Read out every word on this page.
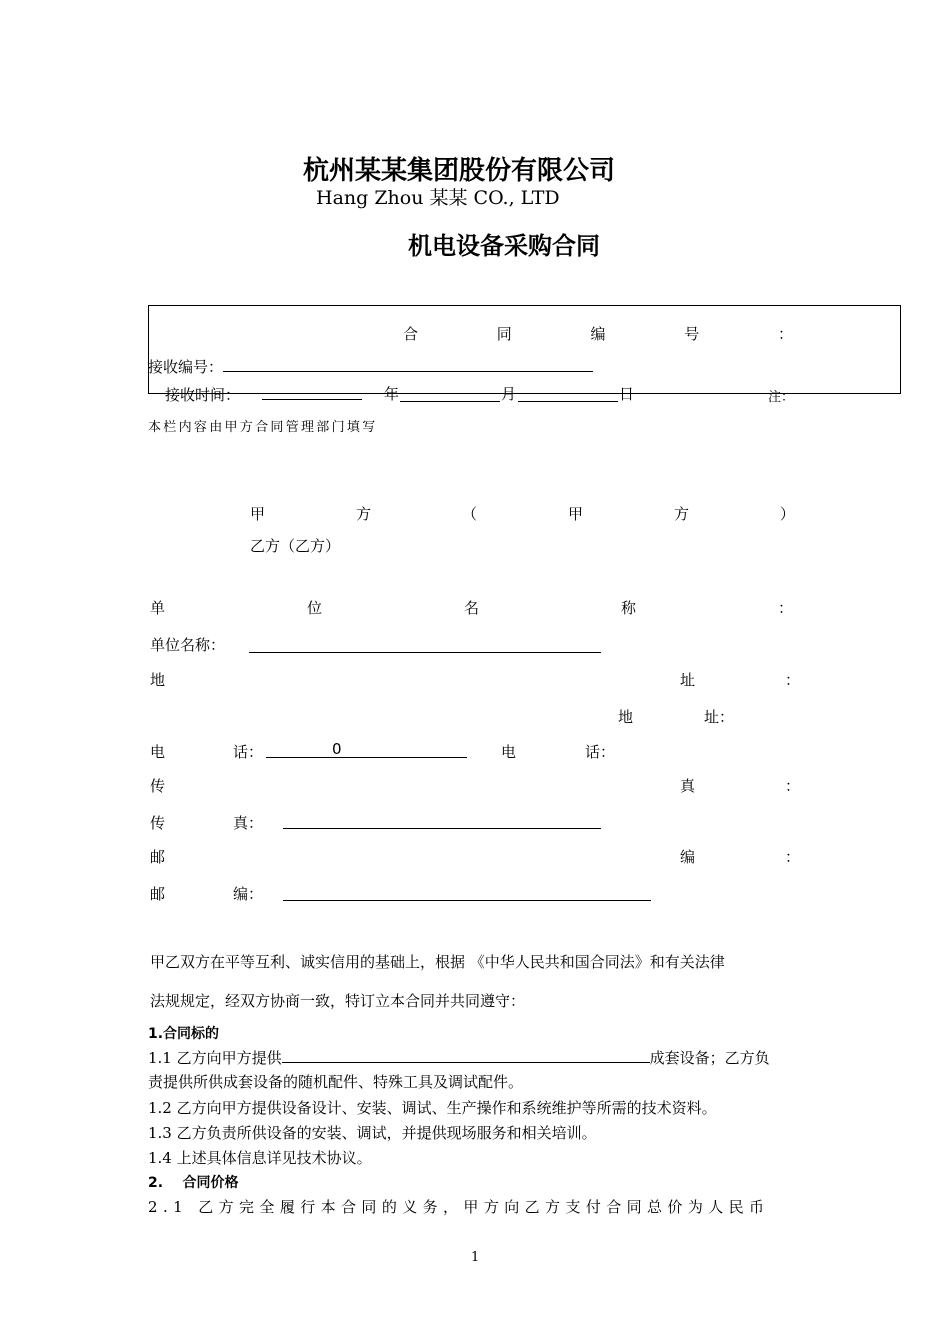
杭州某某集团股份有限公司
Hang Zhou 某某 CO., LTD
机电设备采购合同
合	同	编	号	：
接收编号：
接收时间：	年	月	日	注：
本栏内容由甲方合同管理部门填写
甲	方	（	甲	方	）
乙方（乙方）
单	位	名	称	：
单位名称：
地	址	：
地	址：
电	话：	0	电	话：
传	真	：
传	真：
邮	编	：
邮	编：
甲乙双方在平等互利、诚实信用的基础上，根据 《中华人民共和国合同法》和有关法律
法规规定，经双方协商一致，特订立本合同并共同遵守：
1.合同标的
1.1 乙方向甲方提供	成套设备；乙方负
责提供所供成套设备的随机配件、特殊工具及调试配件。
1.2 乙方向甲方提供设备设计、安装、调试、生产操作和系统维护等所需的技术资料。
1.3 乙方负责所供设备的安装、调试，并提供现场服务和相关培训。
1.4 上述具体信息详见技术协议。
2.    合同价格
2.1 乙方完全履行本合同的义务，甲方向乙方支付合同总价为人民币
1
